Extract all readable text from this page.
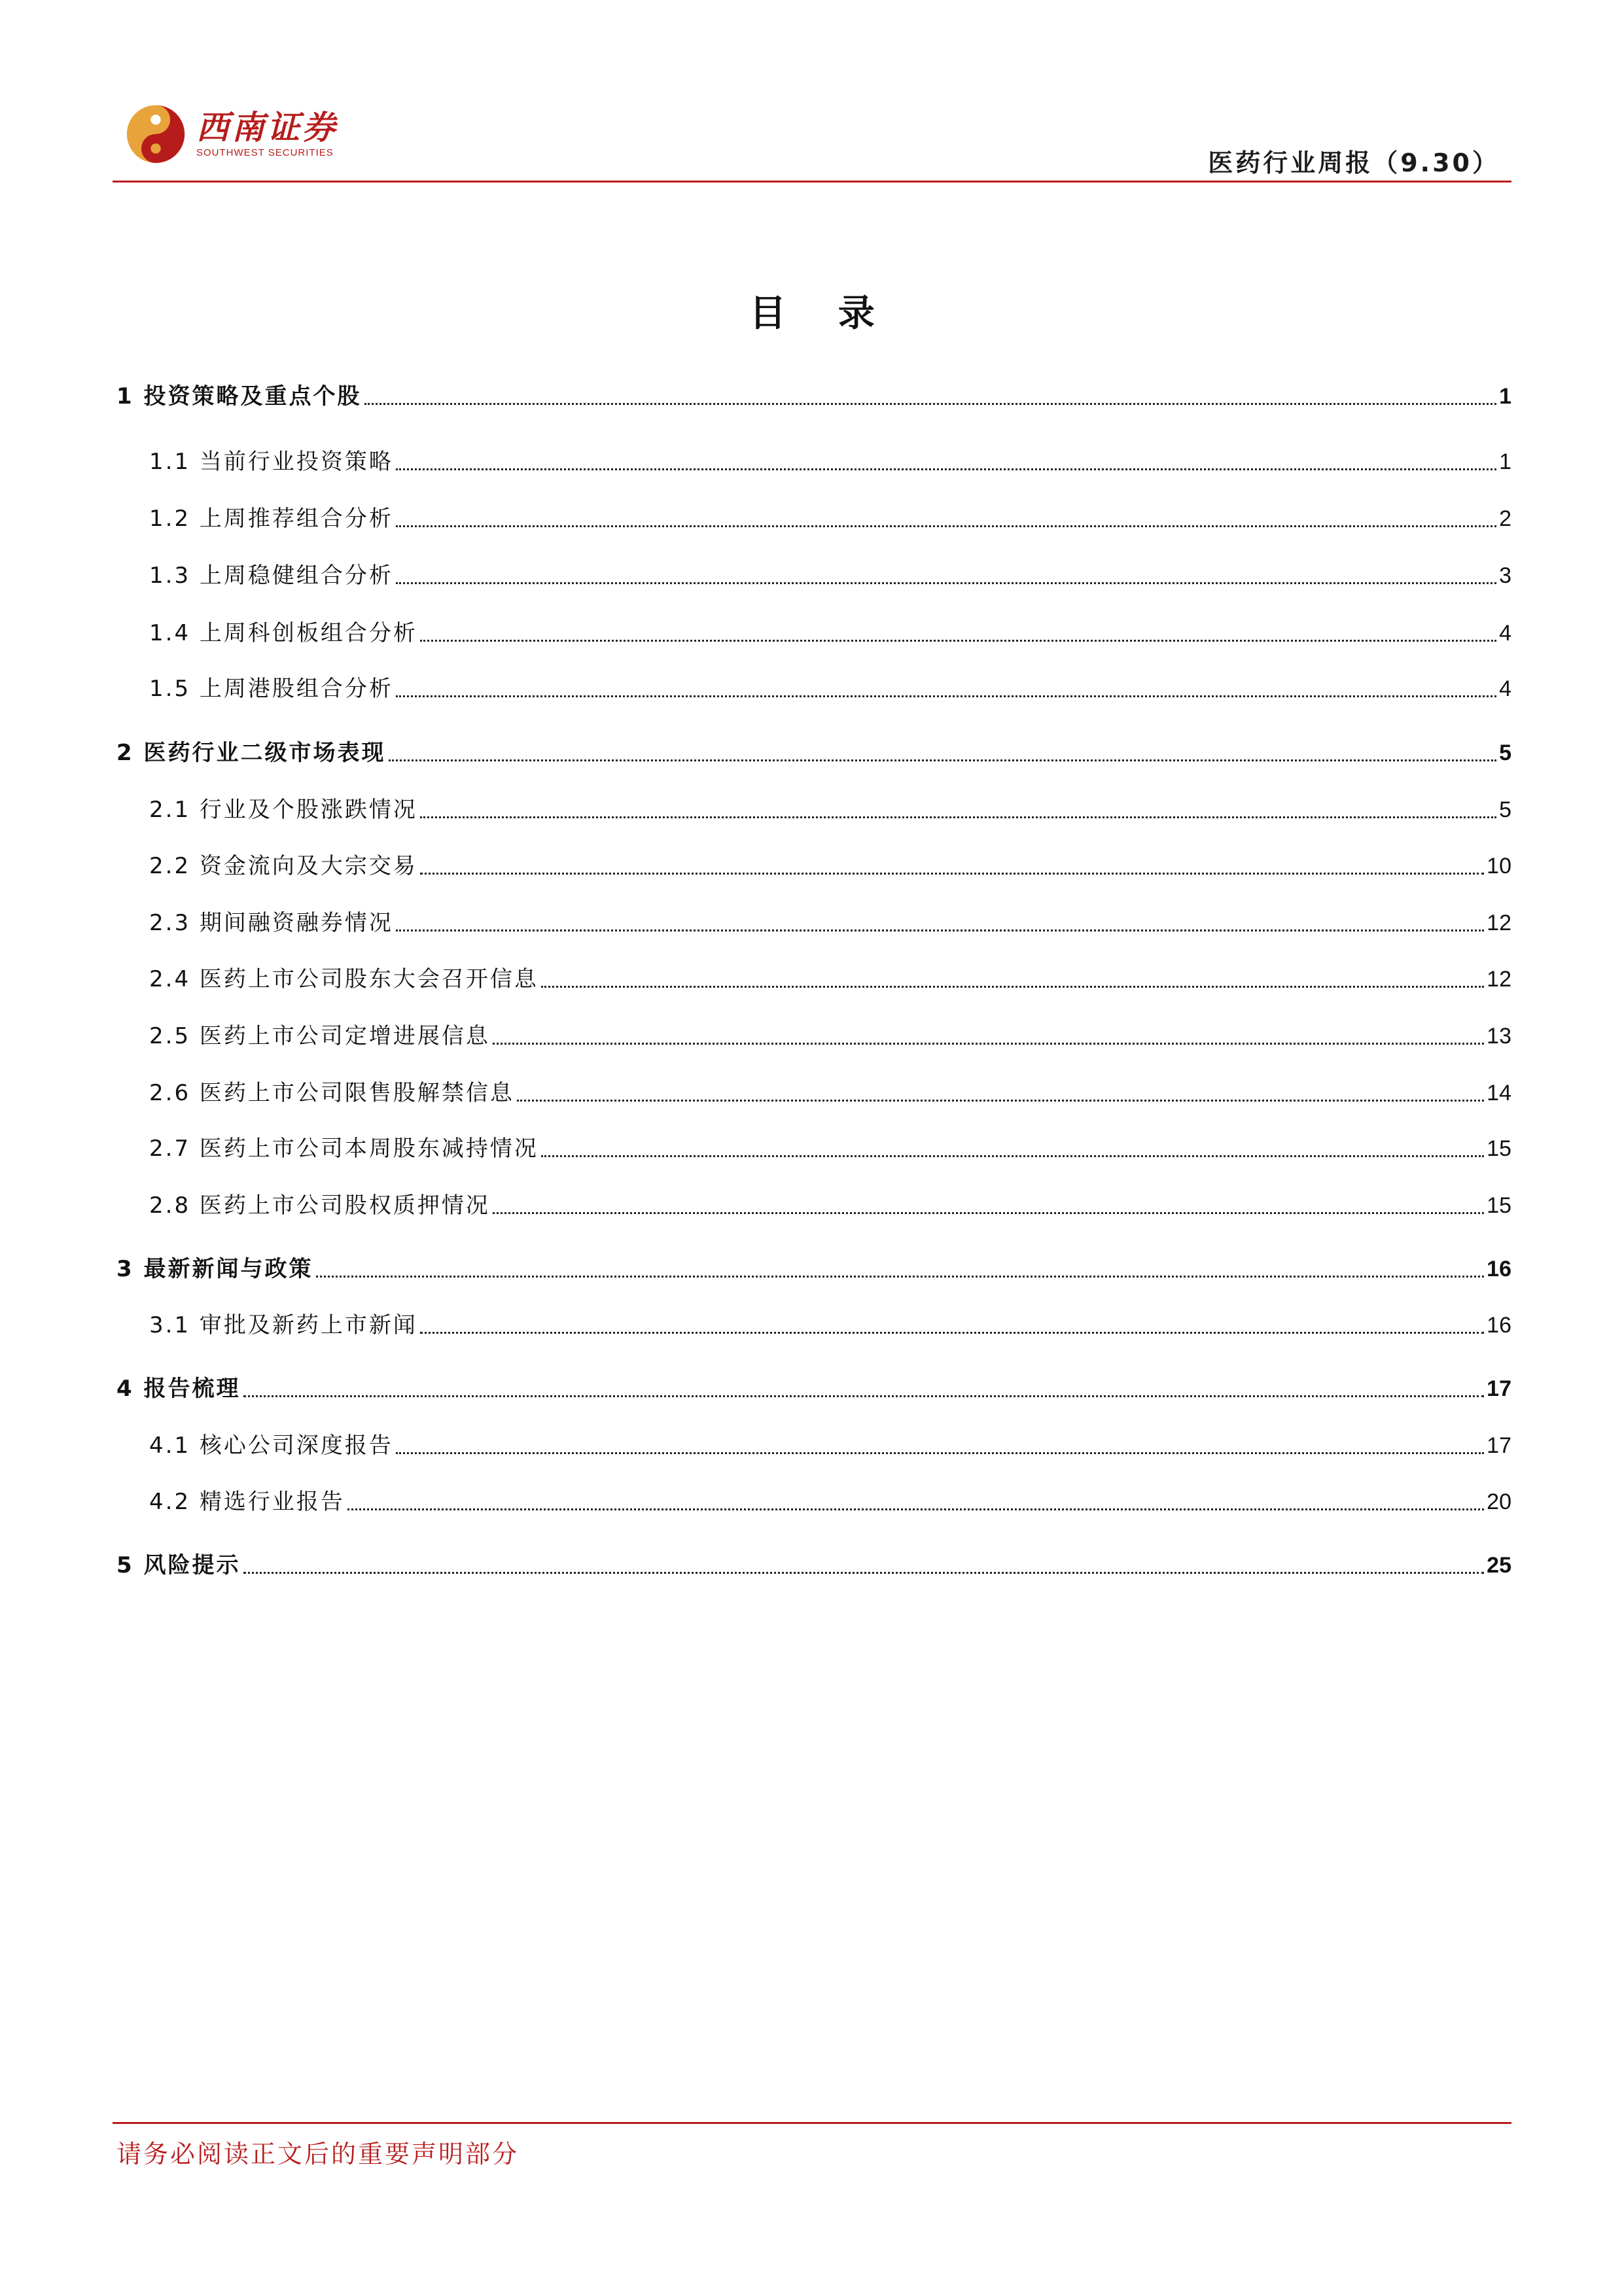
西南证券
SOUTHWEST SECURITIES	医药行业周报（9.30）
目 录
1 投资策略及重点个股	1
1.1 当前行业投资策略	1
1.2 上周推荐组合分析	2
1.3 上周稳健组合分析	3
1.4 上周科创板组合分析	4
1.5 上周港股组合分析	4
2 医药行业二级市场表现	5
2.1 行业及个股涨跌情况	5
2.2 资金流向及大宗交易	10
2.3 期间融资融券情况	12
2.4 医药上市公司股东大会召开信息	12
2.5 医药上市公司定增进展信息	13
2.6 医药上市公司限售股解禁信息	14
2.7 医药上市公司本周股东减持情况	15
2.8 医药上市公司股权质押情况	15
3 最新新闻与政策	16
3.1 审批及新药上市新闻	16
4 报告梳理	17
4.1 核心公司深度报告	17
4.2 精选行业报告	20
5 风险提示	25
请务必阅读正文后的重要声明部分
